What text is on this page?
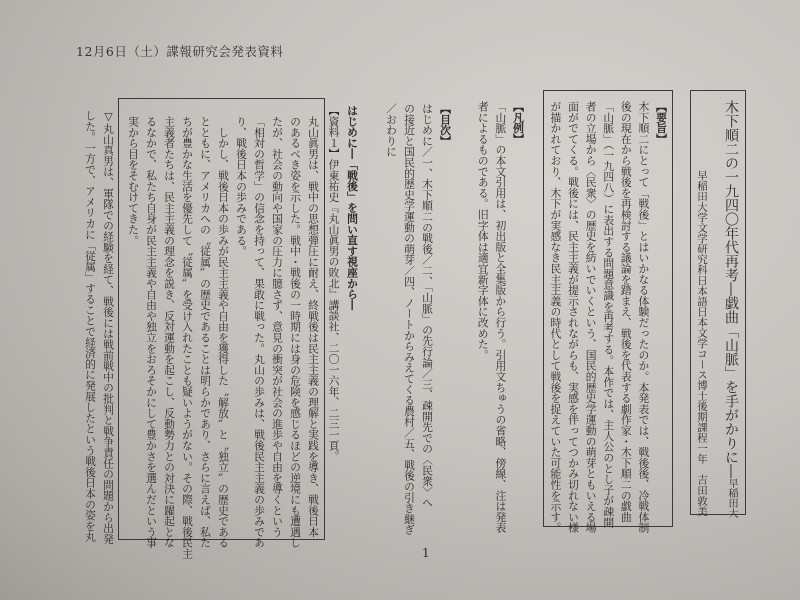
12月6日（土）諜報研究会発表資料
木下順二の一九四〇年代再考―戯曲「山脈」を手がかりに―早稲田大
早稲田大学文学研究科日本語日本文学コース博士後期課程一年　吉田敦美
【要旨】
木下順二にとって「戦後」とはいかなる体験だったのか。本発表では、戦後後、冷戦体制
後の現在から戦後を再検討する議論を踏まえ、戦後を代表する劇作家・木下順二の戯曲
「山脈」（一九四八）に表出する問題意識を再考する。本作では、主人公のとし子が疎開
者の立場から〈民衆〉の歴史を紡いでいくという、国民的歴史学運動の萌芽ともいえる場
面がでてくる。戦後には、民主主義が提示されながらも、実感を伴ってつかみ切れない様
が描かれており、木下が実感なき民主主義の時代として戦後を捉えていた可能性を示す。
【凡例】
「山脈」の本文引用は、初出版と全集版から行う。引用文ちゅうの省略、傍線、注は発表
者によるものである。旧字体は適宜新字体に改めた。
【目次】
はじめに／一、木下順二の戦後／二、「山脈」の先行論／三、疎開先での〈民衆〉へ
の接近と国民的歴史学運動の萌芽／四、ノートからみえてくる農村／五、戦後の引き継ぎ
／おわりに
はじめに―「戦後」を問い直す視座から―
【資料１】伊東祐史『丸山眞男の敗北』講談社、二〇一六年、二三一頁。
丸山眞男は、戦中の思想弾圧に耐え、終戦後は民主主義の理解と実践を導き、戦後日本
のあるべき姿を示した。戦中・戦後の一時期には身の危険を感じるほどの逆境にも遭遇し
たが、社会の動向や国家の圧力に臆さず、意見の衝突が社会の進歩や自由を導くという
「相対の哲学」の信念を持って、果敢に戦った。丸山の歩みは、戦後民主主義の歩みであ
り、戦後日本の歩みである。
　しかし、戦後日本の歩みが民主主義や自由を獲得した〝解放〟と〝独立〟の歴史である
とともに、アメリカへの〝従属〟の歴史であることは明らかであり、さらに言えば、私た
ちが豊かな生活を優先して〝従属〟を受け入れたことも疑いようがない。その際、戦後民主
主義者たちは、民主主義の理念を説き、反対運動を起こし、反動勢力との対決に躍起とな
るなかで、私たち自身が民主主義や自由や独立をおろそかにして豊かさを選んだという事
実から目をそむけてきた。
▽丸山真男は、軍隊での経験を経て、戦後には戦前戦中の批判と戦争責任の問題から出発
した。一方で、アメリカに「従属」することで経済的に発展したという戦後日本の姿を丸
1
